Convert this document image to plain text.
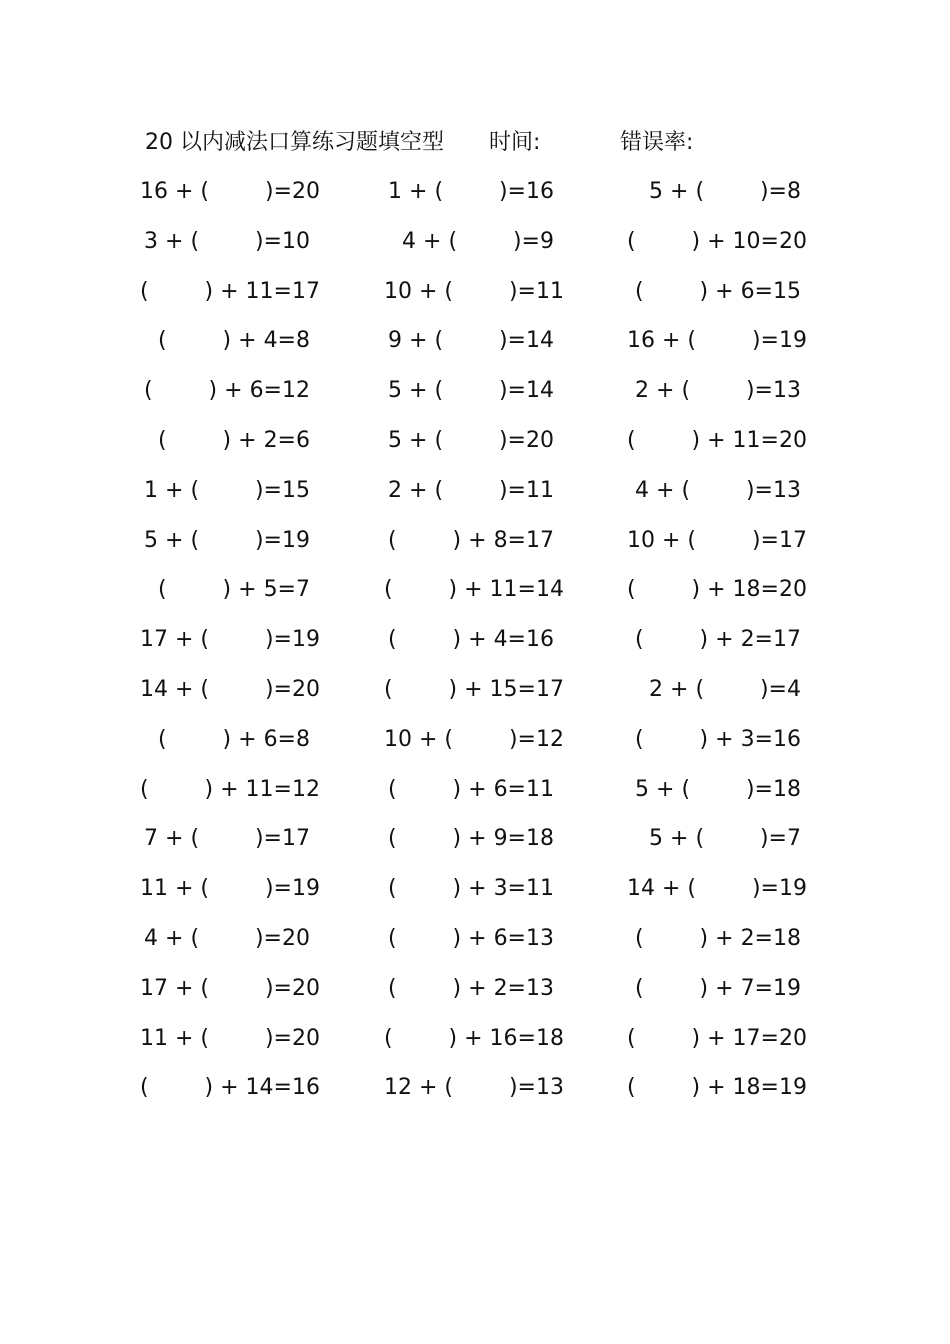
20 以内减法口算练习题填空型 时间:	错误率:
16 + (        )=20	1 + (        )=16	5 + (        )=8
3 + (        )=10	4 + (        )=9	(        ) + 10=20
(        ) + 11=17	10 + (        )=11	(        ) + 6=15
(        ) + 4=8	9 + (        )=14	16 + (        )=19
(        ) + 6=12	5 + (        )=14	2 + (        )=13
(        ) + 2=6	5 + (        )=20	(        ) + 11=20
1 + (        )=15	2 + (        )=11	4 + (        )=13
5 + (        )=19	(        ) + 8=17	10 + (        )=17
(        ) + 5=7	(        ) + 11=14	(        ) + 18=20
17 + (        )=19	(        ) + 4=16	(        ) + 2=17
14 + (        )=20	(        ) + 15=17	2 + (        )=4
(        ) + 6=8	10 + (        )=12	(        ) + 3=16
(        ) + 11=12	(        ) + 6=11	5 + (        )=18
7 + (        )=17	(        ) + 9=18	5 + (        )=7
11 + (        )=19	(        ) + 3=11	14 + (        )=19
4 + (        )=20	(        ) + 6=13	(        ) + 2=18
17 + (        )=20	(        ) + 2=13	(        ) + 7=19
11 + (        )=20	(        ) + 16=18	(        ) + 17=20
(        ) + 14=16	12 + (        )=13	(        ) + 18=19
